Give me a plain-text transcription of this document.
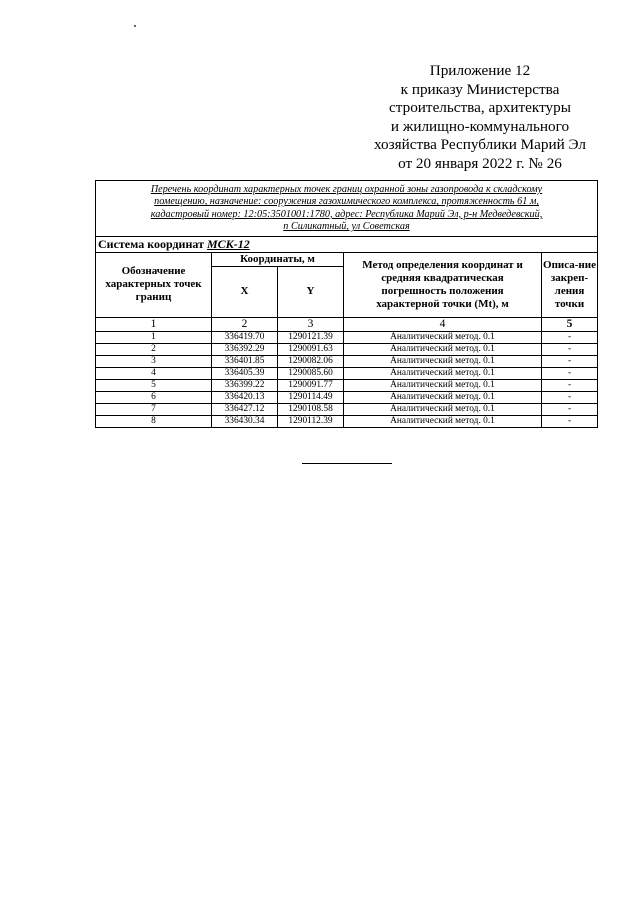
Приложение 12
к приказу Министерства
строительства, архитектуры
и жилищно-коммунального
хозяйства Республики Марий Эл
от 20 января 2022 г. № 26
Перечень координат характерных точек границ охранной зоны газопровода к складскому
помещению, назначение: сооружения газохимического комплекса, протяженность 61 м,
кадастровый номер: 12:05:3501001:1780, адрес: Республика Марий Эл, р-н Медведевский,
п Силикатный, ул Советская				

Система координат МСК-12				
Обозначение характерных точек границ	Координаты, м		Метод определения координат и средняя квадратическая погрешность положения характерной точки (Mt), м	Описа-ние закреп-ления точки
	X	Y		
1	2	3	4	5
1	336419.70	1290121.39	Аналитический метод. 0.1	-
2	336392.29	1290091.63	Аналитический метод. 0.1	-
3	336401.85	1290082.06	Аналитический метод. 0.1	-
4	336405.39	1290085.60	Аналитический метод. 0.1	-
5	336399.22	1290091.77	Аналитический метод. 0.1	-
6	336420.13	1290114.49	Аналитический метод. 0.1	-
7	336427.12	1290108.58	Аналитический метод. 0.1	-
8	336430.34	1290112.39	Аналитический метод. 0.1	-
